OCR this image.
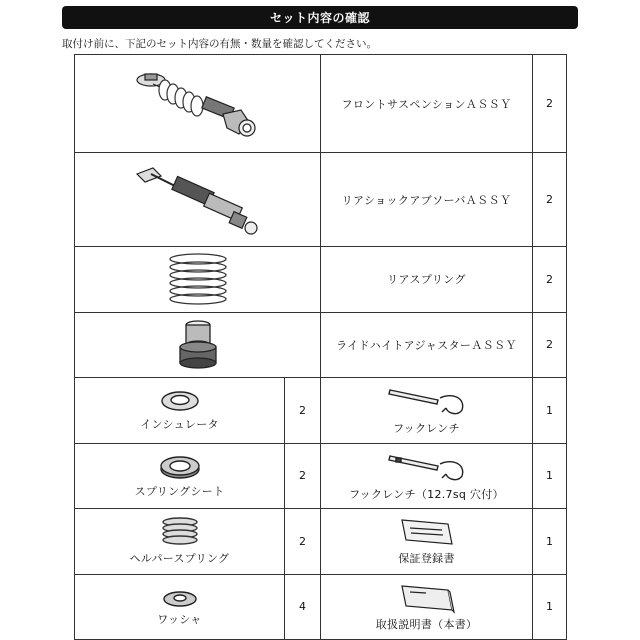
セット内容の確認
取付け前に、下記のセット内容の有無・数量を確認してください。
	フロントサスペンションＡＳＳＹ	2

	リアショックアブソーバＡＳＳＹ	2

	リアスプリング	2

	ライドハイトアジャスターＡＳＳＹ	2

インシュレータ	2	フックレンチ	1

スプリングシート	2	フックレンチ（12.7sq 穴付）	1

ヘルパースプリング	2	保証登録書	1

ワッシャ	4	取扱説明書（本書）	1
